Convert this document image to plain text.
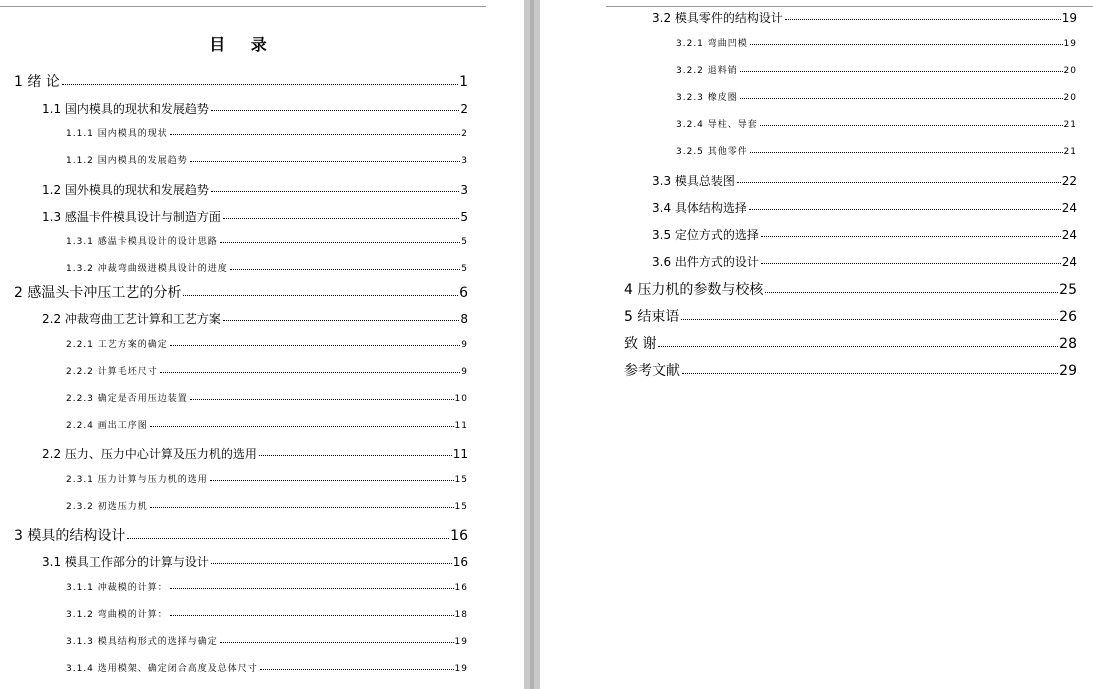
目 录
1 绪 论	1
1.1 国内模具的现状和发展趋势	2
1.1.1 国内模具的现状	2
1.1.2 国内模具的发展趋势	3
1.2 国外模具的现状和发展趋势	3
1.3 感温卡件模具设计与制造方面	5
1.3.1 感温卡模具设计的设计思路	5
1.3.2 冲裁弯曲级进模具设计的进度	5
2 感温头卡冲压工艺的分析	6
2.2 冲裁弯曲工艺计算和工艺方案	8
2.2.1 工艺方案的确定	9
2.2.2 计算毛坯尺寸	9
2.2.3 确定是否用压边装置	10
2.2.4 画出工序图	11
2.2 压力、压力中心计算及压力机的选用	11
2.3.1 压力计算与压力机的选用	15
2.3.2 初选压力机	15
3 模具的结构设计	16
3.1 模具工作部分的计算与设计	16
3.1.1 冲裁模的计算：	16
3.1.2 弯曲模的计算：	18
3.1.3 模具结构形式的选择与确定	19
3.1.4 选用模架、确定闭合高度及总体尺寸	19
3.2 模具零件的结构设计	19
3.2.1 弯曲凹模	19
3.2.2 退料销	20
3.2.3 橡皮圈	20
3.2.4 导柱、导套	21
3.2.5 其他零件	21
3.3 模具总装图	22
3.4 具体结构选择	24
3.5 定位方式的选择	24
3.6 出件方式的设计	24
4 压力机的参数与校核	25
5 结束语	26
致 谢	28
参考文献	29
